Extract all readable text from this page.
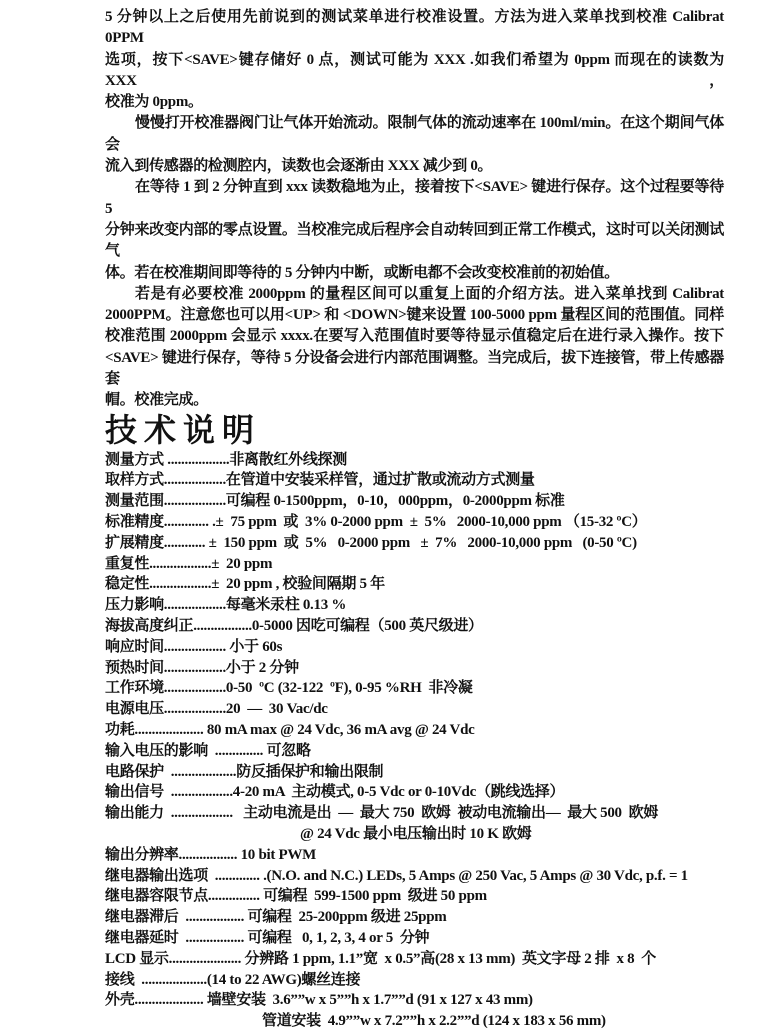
5 分钟以上之后使用先前说到的测试菜单进行校准设置。方法为进入菜单找到校准 Calibrat 0PPM
选项，按下<SAVE>键存储好 0 点，测试可能为 XXX .如我们希望为 0ppm 而现在的读数为 XXX，
校准为 0ppm。
慢慢打开校准器阀门让气体开始流动。限制气体的流动速率在 100ml/min。在这个期间气体会
流入到传感器的检测腔内，读数也会逐渐由 XXX 减少到 0。
在等待 1 到 2 分钟直到 xxx 读数稳地为止，接着按下<SAVE> 键进行保存。这个过程要等待 5
分钟来改变内部的零点设置。当校准完成后程序会自动转回到正常工作模式，这时可以关闭测试气
体。若在校准期间即等待的 5 分钟内中断，或断电都不会改变校准前的初始值。
若是有必要校准 2000ppm 的量程区间可以重复上面的介绍方法。进入菜单找到 Calibrat
2000PPM。注意您也可以用<UP> 和 <DOWN>键来设置 100-5000 ppm 量程区间的范围值。同样
校准范围 2000ppm 会显示 xxxx.在要写入范围值时要等待显示值稳定后在进行录入操作。按下
<SAVE> 键进行保存，等待 5 分设备会进行内部范围调整。当完成后，拔下连接管，带上传感器套
帽。校准完成。
技术说明
测量方式 ..................非离散红外线探测
取样方式..................在管道中安装采样管，通过扩散或流动方式测量
测量范围..................可编程 0-1500ppm，0-10，000ppm，0-2000ppm 标准
标准精度............. .±  75 ppm  或  3% 0-2000 ppm  ±  5%   2000-10,000 ppm （15-32 ºC）
扩展精度............ ±  150 ppm  或  5%   0-2000 ppm   ±  7%   2000-10,000 ppm   (0-50 ºC)
重复性..................±  20 ppm
稳定性..................±  20 ppm , 校验间隔期 5 年
压力影响..................每毫米汞柱 0.13 %
海拔高度纠正.................0-5000 因吃可编程（500 英尺级进）
响应时间.................. 小于 60s
预热时间..................小于 2 分钟
工作环境..................0-50  ºC (32-122  ºF), 0-95 %RH  非冷凝
电源电压..................20  —  30 Vac/dc
功耗.................... 80 mA max @ 24 Vdc, 36 mA avg @ 24 Vdc
输入电压的影响  .............. 可忽略
电路保护  ...................防反插保护和输出限制
输出信号  ..................4-20 mA  主动模式, 0-5 Vdc or 0-10Vdc（跳线选择）
输出能力  ..................   主动电流是出  —  最大 750  欧姆  被动电流输出—  最大 500  欧姆
@ 24 Vdc 最小电压输出时 10 K 欧姆
输出分辨率................. 10 bit PWM
继电器输出选项  ............. .(N.O. and N.C.) LEDs, 5 Amps @ 250 Vac, 5 Amps @ 30 Vdc, p.f. = 1
继电器容限节点............... 可编程  599-1500 ppm  级进 50 ppm
继电器滞后  ................. 可编程  25-200ppm 级进 25ppm
继电器延时  ................. 可编程   0, 1, 2, 3, 4 or 5  分钟
LCD 显示..................... 分辨路 1 ppm, 1.1”宽  x 0.5”高(28 x 13 mm)  英文字母 2 排  x 8  个
接线  ...................(14 to 22 AWG)螺丝连接
外壳.................... 墙壁安装  3.6””w x 5””h x 1.7””d (91 x 127 x 43 mm)
管道安装  4.9””w x 7.2””h x 2.2””d (124 x 183 x 56 mm)
